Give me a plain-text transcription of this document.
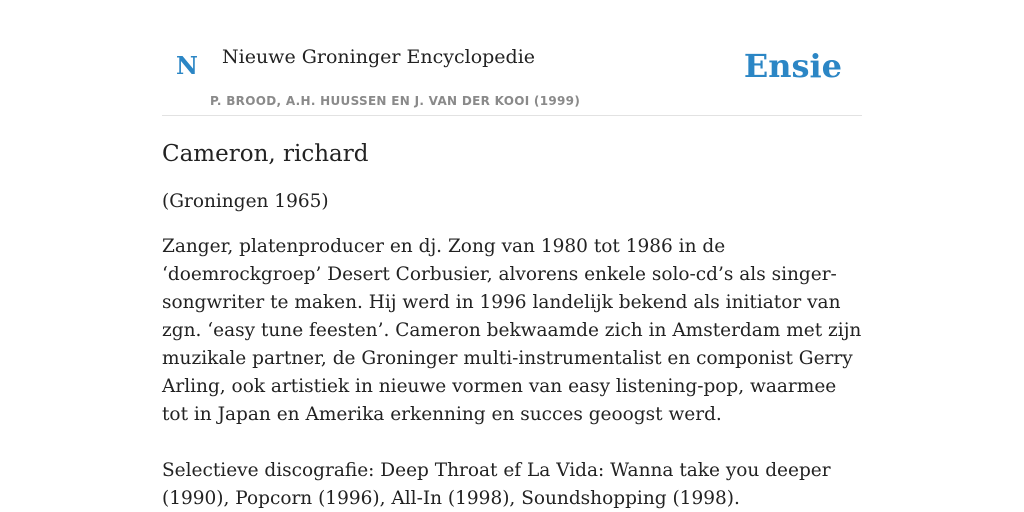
N Nieuwe Groninger Encyclopedie
P. BROOD, A.H. HUUSSEN EN J. VAN DER KOOI (1999)
Ensie
Cameron, richard

(Groningen 1965)

Zanger, platenproducer en dj. Zong van 1980 tot 1986 in de ‘doemrockgroep’ Desert Corbusier, alvorens enkele solo-cd’s als singer-songwriter te maken. Hij werd in 1996 landelijk bekend als initiator van zgn. ‘easy tune feesten’. Cameron bekwaamde zich in Amsterdam met zijn muzikale partner, de Groninger multi-instrumentalist en componist Gerry Arling, ook artistiek in nieuwe vormen van easy listening-pop, waarmee tot in Japan en Amerika erkenning en succes geoogst werd.

Selectieve discografie: Deep Throat ef La Vida: Wanna take you deeper (1990), Popcorn (1996), All-In (1998), Soundshopping (1998).
